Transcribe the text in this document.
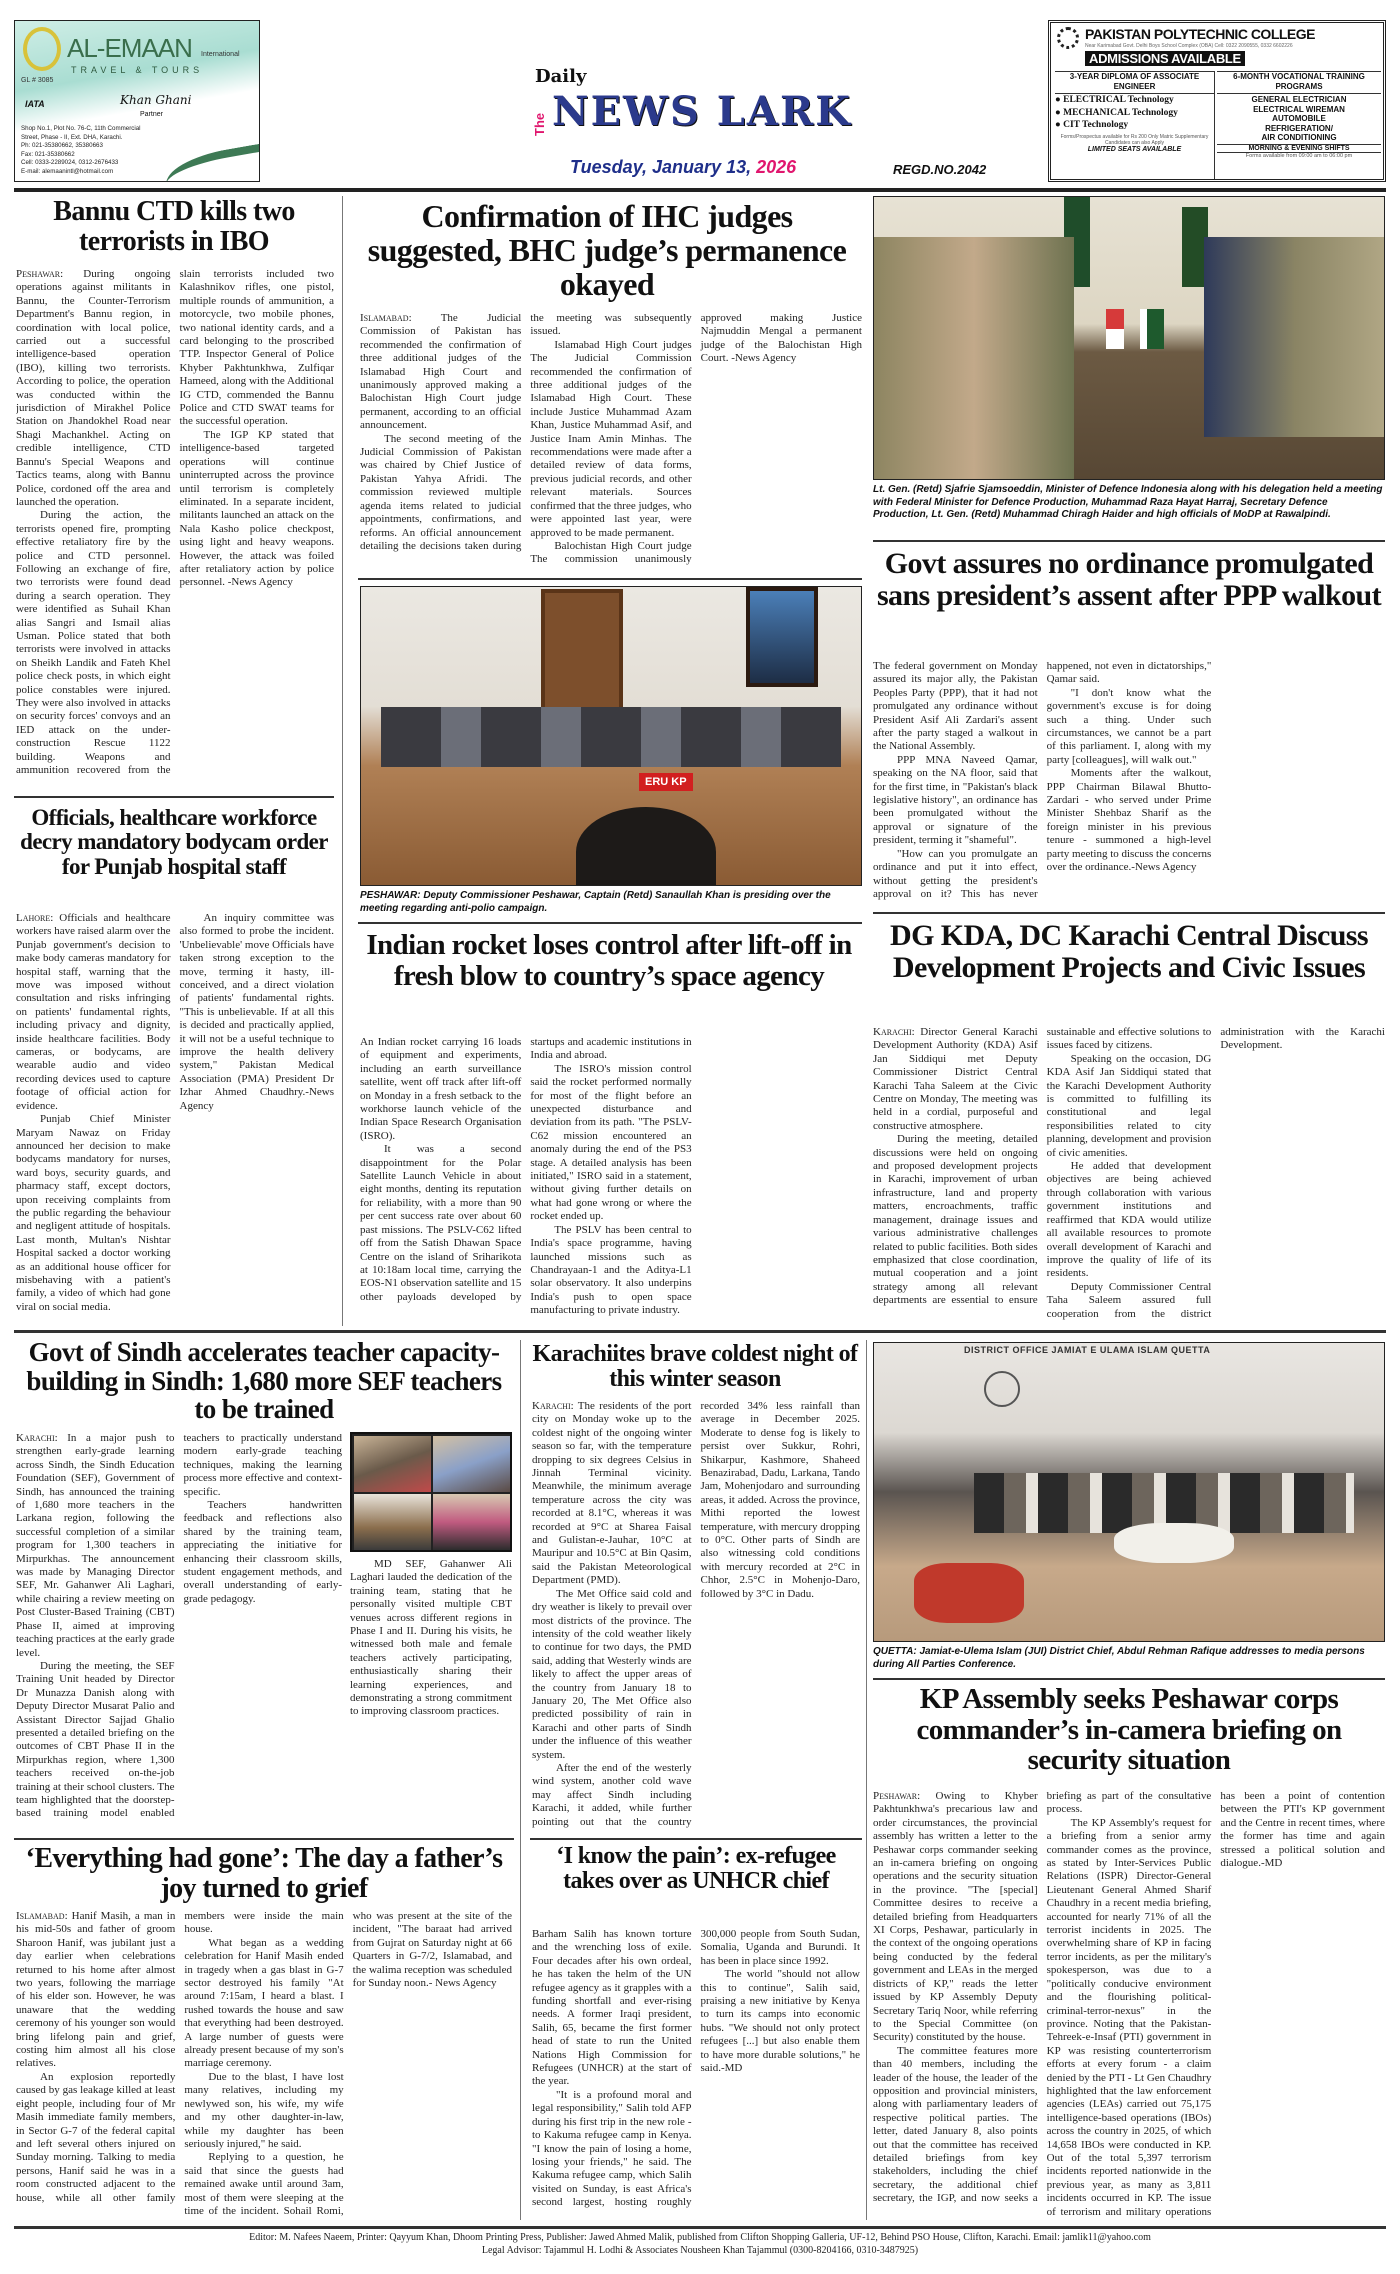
AL-EMAAN International
TRAVEL & TOURS
GL # 3085
IATA	Khan Ghani
Partner
Shop No.1, Plot No. 76-C, 11th Commercial
Street, Phase - II, Ext. DHA, Karachi.
Ph: 021-35380662, 35380663
Fax: 021-35380662
Cell: 0333-2289024, 0312-2676433
E-mail: alemaanintl@hotmail.com
Daily
The NEWS LARK
Tuesday, January 13, 2026	REGD.NO.2042
PAKISTAN POLYTECHNIC COLLEGE
Near Karimabad Govt. Delhi Boys School Complex (OBA) Cell: 0322 2090555, 0332 6602226
ADMISSIONS AVAILABLE
3-YEAR DIPLOMA OF ASSOCIATE ENGINEER
● ELECTRICAL Technology
● MECHANICAL Technology
● CIT Technology
Forms/Prospectus available for Rs 200 Only Matric Supplementary Candidates can also Apply
LIMITED SEATS AVAILABLE
6-MONTH VOCATIONAL TRAINING PROGRAMS
GENERAL ELECTRICIAN
ELECTRICAL WIREMAN
AUTOMOBILE
REFRIGERATION/
AIR CONDITIONING
MORNING & EVENING SHIFTS
Forms available from 09:00 am to 06:00 pm
Bannu CTD kills two terrorists in IBO

Peshawar: During ongoing operations against militants in Bannu, the Counter-Terrorism Department's Bannu region, in coordination with local police, carried out a successful intelligence-based operation (IBO), killing two terrorists. According to police, the operation was conducted within the jurisdiction of Mirakhel Police Station on Jhandokhel Road near Shagi Machankhel. Acting on credible intelligence, CTD Bannu's Special Weapons and Tactics teams, along with Bannu Police, cordoned off the area and launched the operation.

During the action, the terrorists opened fire, prompting effective retaliatory fire by the police and CTD personnel. Following an exchange of fire, two terrorists were found dead during a search operation. They were identified as Suhail Khan alias Sangri and Ismail alias Usman. Police stated that both terrorists were involved in attacks on Sheikh Landik and Fateh Khel police check posts, in which eight police constables were injured. They were also involved in attacks on security forces' convoys and an IED attack on the under-construction Rescue 1122 building. Weapons and ammunition recovered from the slain terrorists included two Kalashnikov rifles, one pistol, multiple rounds of ammunition, a motorcycle, two mobile phones, two national identity cards, and a card belonging to the proscribed TTP. Inspector General of Police Khyber Pakhtunkhwa, Zulfiqar Hameed, along with the Additional IG CTD, commended the Bannu Police and CTD SWAT teams for the successful operation.

The IGP KP stated that intelligence-based targeted operations will continue uninterrupted across the province until terrorism is completely eliminated. In a separate incident, militants launched an attack on the Nala Kasho police checkpost, using light and heavy weapons. However, the attack was foiled after retaliatory action by police personnel. -News Agency

Confirmation of IHC judges suggested, BHC judge’s permanence okayed

Islamabad: The Judicial Commission of Pakistan has recommended the confirmation of three additional judges of the Islamabad High Court and unanimously approved making a Balochistan High Court judge permanent, according to an official announcement.

The second meeting of the Judicial Commission of Pakistan was chaired by Chief Justice of Pakistan Yahya Afridi. The commission reviewed multiple agenda items related to judicial appointments, confirmations, and reforms. An official announcement detailing the decisions taken during the meeting was subsequently issued.

Islamabad High Court judges The Judicial Commission recommended the confirmation of three additional judges of the Islamabad High Court. These include Justice Muhammad Azam Khan, Justice Muhammad Asif, and Justice Inam Amin Minhas. The recommendations were made after a detailed review of data forms, previous judicial records, and other relevant materials. Sources confirmed that the three judges, who were appointed last year, were approved to be made permanent.

Balochistan High Court judge The commission unanimously approved making Justice Najmuddin Mengal a permanent judge of the Balochistan High Court. -News Agency

ERU KP
PESHAWAR: Deputy Commissioner Peshawar, Captain (Retd) Sanaullah Khan is presiding over the meeting regarding anti-polio campaign.
Lt. Gen. (Retd) Sjafrie Sjamsoeddin, Minister of Defence Indonesia along with his delegation held a meeting with Federal Minister for Defence Production, Muhammad Raza Hayat Harraj, Secretary Defence Production, Lt. Gen. (Retd) Muhammad Chiragh Haider and high officials of MoDP at Rawalpindi.
Govt assures no ordinance promulgated sans president’s assent after PPP walkout

The federal government on Monday assured its major ally, the Pakistan Peoples Party (PPP), that it had not promulgated any ordinance without President Asif Ali Zardari's assent after the party staged a walkout in the National Assembly.

PPP MNA Naveed Qamar, speaking on the NA floor, said that for the first time, in "Pakistan's black legislative history", an ordinance has been promulgated without the approval or signature of the president, terming it "shameful".

"How can you promulgate an ordinance and put it into effect, without getting the president's approval on it? This has never happened, not even in dictatorships," Qamar said.

"I don't know what the government's excuse is for doing such a thing. Under such circumstances, we cannot be a part of this parliament. I, along with my party [colleagues], will walk out."

Moments after the walkout, PPP Chairman Bilawal Bhutto-Zardari - who served under Prime Minister Shehbaz Sharif as the foreign minister in his previous tenure - summoned a high-level party meeting to discuss the concerns over the ordinance.-News Agency

Officials, healthcare workforce decry mandatory bodycam order for Punjab hospital staff

Lahore: Officials and healthcare workers have raised alarm over the Punjab government's decision to make body cameras mandatory for hospital staff, warning that the move was imposed without consultation and risks infringing on patients' fundamental rights, including privacy and dignity, inside healthcare facilities. Body cameras, or bodycams, are wearable audio and video recording devices used to capture footage of official action for evidence.

Punjab Chief Minister Maryam Nawaz on Friday announced her decision to make bodycams mandatory for nurses, ward boys, security guards, and pharmacy staff, except doctors, upon receiving complaints from the public regarding the behaviour and negligent attitude of hospitals. Last month, Multan's Nishtar Hospital sacked a doctor working as an additional house officer for misbehaving with a patient's family, a video of which had gone viral on social media.

An inquiry committee was also formed to probe the incident. 'Unbelievable' move Officials have taken strong exception to the move, terming it hasty, ill-conceived, and a direct violation of patients' fundamental rights. "This is unbelievable. If at all this is decided and practically applied, it will not be a useful technique to improve the health delivery system," Pakistan Medical Association (PMA) President Dr Izhar Ahmed Chaudhry.-News Agency

Indian rocket loses control after lift-off in fresh blow to country’s space agency

An Indian rocket carrying 16 loads of equipment and experiments, including an earth surveillance satellite, went off track after lift-off on Monday in a fresh setback to the workhorse launch vehicle of the Indian Space Research Organisation (ISRO).

It was a second disappointment for the Polar Satellite Launch Vehicle in about eight months, denting its reputation for reliability, with a more than 90 per cent success rate over about 60 past missions. The PSLV-C62 lifted off from the Satish Dhawan Space Centre on the island of Sriharikota at 10:18am local time, carrying the EOS-N1 observation satellite and 15 other payloads developed by startups and academic institutions in India and abroad.

The ISRO's mission control said the rocket performed normally for most of the flight before an unexpected disturbance and deviation from its path. "The PSLV-C62 mission encountered an anomaly during the end of the PS3 stage. A detailed analysis has been initiated," ISRO said in a statement, without giving further details on what had gone wrong or where the rocket ended up.

The PSLV has been central to India's space programme, having launched missions such as Chandrayaan-1 and the Aditya-L1 solar observatory. It also underpins India's push to open space manufacturing to private industry.

DG KDA, DC Karachi Central Discuss Development Projects and Civic Issues

Karachi: Director General Karachi Development Authority (KDA) Asif Jan Siddiqui met Deputy Commissioner District Central Karachi Taha Saleem at the Civic Centre on Monday, The meeting was held in a cordial, purposeful and constructive atmosphere.

During the meeting, detailed discussions were held on ongoing and proposed development projects in Karachi, improvement of urban infrastructure, land and property matters, encroachments, traffic management, drainage issues and various administrative challenges related to public facilities. Both sides emphasized that close coordination, mutual cooperation and a joint strategy among all relevant departments are essential to ensure sustainable and effective solutions to issues faced by citizens.

Speaking on the occasion, DG KDA Asif Jan Siddiqui stated that the Karachi Development Authority is committed to fulfilling its constitutional and legal responsibilities related to city planning, development and provision of civic amenities.

He added that development objectives are being achieved through collaboration with various government institutions and reaffirmed that KDA would utilize all available resources to promote overall development of Karachi and improve the quality of life of its residents.

Deputy Commissioner Central Taha Saleem assured full cooperation from the district administration with the Karachi Development.

Govt of Sindh accelerates teacher capacity-building in Sindh: 1,680 more SEF teachers to be trained

Karachi: In a major push to strengthen early-grade learning across Sindh, the Sindh Education Foundation (SEF), Government of Sindh, has announced the training of 1,680 more teachers in the Larkana region, following the successful completion of a similar program for 1,300 teachers in Mirpurkhas. The announcement was made by Managing Director SEF, Mr. Gahanwer Ali Laghari, while chairing a review meeting on Post Cluster-Based Training (CBT) Phase II, aimed at improving teaching practices at the early grade level.

During the meeting, the SEF Training Unit headed by Director Dr Munazza Danish along with Deputy Director Musarat Palio and Assistant Director Sajjad Ghalio presented a detailed briefing on the outcomes of CBT Phase II in the Mirpurkhas region, where 1,300 teachers received on-the-job training at their school clusters. The team highlighted that the doorstep-based training model enabled teachers to practically understand modern early-grade teaching techniques, making the learning process more effective and context-specific.

Teachers handwritten feedback and reflections also shared by the training team, appreciating the initiative for enhancing their classroom skills, student engagement methods, and overall understanding of early-grade pedagogy.

MD SEF, Gahanwer Ali Laghari lauded the dedication of the training team, stating that he personally visited multiple CBT venues across different regions in Phase I and II. During his visits, he witnessed both male and female teachers actively participating, enthusiastically sharing their learning experiences, and demonstrating a strong commitment to improving classroom practices.

‘Everything had gone’: The day a father’s joy turned to grief

Islamabad: Hanif Masih, a man in his mid-50s and father of groom Sharoon Hanif, was jubilant just a day earlier when celebrations returned to his home after almost two years, following the marriage of his elder son. However, he was unaware that the wedding ceremony of his younger son would bring lifelong pain and grief, costing him almost all his close relatives.

An explosion reportedly caused by gas leakage killed at least eight people, including four of Mr Masih immediate family members, in Sector G-7 of the federal capital and left several others injured on Sunday morning. Talking to media persons, Hanif said he was in a room constructed adjacent to the house, while all other family members were inside the main house.

What began as a wedding celebration for Hanif Masih ended in tragedy when a gas blast in G-7 sector destroyed his family "At around 7:15am, I heard a blast. I rushed towards the house and saw that everything had been destroyed. A large number of guests were already present because of my son's marriage ceremony.

Due to the blast, I have lost many relatives, including my newlywed son, his wife, my wife and my other daughter-in-law, while my daughter has been seriously injured," he said.

Replying to a question, he said that since the guests had remained awake until around 3am, most of them were sleeping at the time of the incident. Sohail Romi, who was present at the site of the incident, "The baraat had arrived from Gujrat on Saturday night at 66 Quarters in G-7/2, Islamabad, and the walima reception was scheduled for Sunday noon.- News Agency

Karachiites brave coldest night of this winter season

Karachi: The residents of the port city on Monday woke up to the coldest night of the ongoing winter season so far, with the temperature dropping to six degrees Celsius in Jinnah Terminal vicinity. Meanwhile, the minimum average temperature across the city was recorded at 8.1°C, whereas it was recorded at 9°C at Sharea Faisal and Gulistan-e-Jauhar, 10°C at Mauripur and 10.5°C at Bin Qasim, said the Pakistan Meteorological Department (PMD).

The Met Office said cold and dry weather is likely to prevail over most districts of the province. The intensity of the cold weather likely to continue for two days, the PMD said, adding that Westerly winds are likely to affect the upper areas of the country from January 18 to January 20, The Met Office also predicted possibility of rain in Karachi and other parts of Sindh under the influence of this weather system.

After the end of the westerly wind system, another cold wave may affect Sindh including Karachi, it added, while further pointing out that the country recorded 34% less rainfall than average in December 2025. Moderate to dense fog is likely to persist over Sukkur, Rohri, Shikarpur, Kashmore, Shaheed Benazirabad, Dadu, Larkana, Tando Jam, Mohenjodaro and surrounding areas, it added. Across the province, Mithi reported the lowest temperature, with mercury dropping to 0°C. Other parts of Sindh are also witnessing cold conditions with mercury recorded at 2°C in Chhor, 2.5°C in Mohenjo-Daro, followed by 3°C in Dadu.

‘I know the pain’: ex-refugee takes over as UNHCR chief

Barham Salih has known torture and the wrenching loss of exile. Four decades after his own ordeal, he has taken the helm of the UN refugee agency as it grapples with a funding shortfall and ever-rising needs. A former Iraqi president, Salih, 65, became the first former head of state to run the United Nations High Commission for Refugees (UNHCR) at the start of the year.

"It is a profound moral and legal responsibility," Salih told AFP during his first trip in the new role - to Kakuma refugee camp in Kenya. "I know the pain of losing a home, losing your friends," he said. The Kakuma refugee camp, which Salih visited on Sunday, is east Africa's second largest, hosting roughly 300,000 people from South Sudan, Somalia, Uganda and Burundi. It has been in place since 1992.

The world "should not allow this to continue", Salih said, praising a new initiative by Kenya to turn its camps into economic hubs. "We should not only protect refugees [...] but also enable them to have more durable solutions," he said.-MD

DISTRICT OFFICE JAMIAT E ULAMA ISLAM QUETTA
QUETTA: Jamiat-e-Ulema Islam (JUI) District Chief, Abdul Rehman Rafique addresses to media persons during All Parties Conference.
KP Assembly seeks Peshawar corps commander’s in-camera briefing on security situation

Peshawar: Owing to Khyber Pakhtunkhwa's precarious law and order circumstances, the provincial assembly has written a letter to the Peshawar corps commander seeking an in-camera briefing on ongoing operations and the security situation in the province. "The [special] Committee desires to receive a detailed briefing from Headquarters XI Corps, Peshawar, particularly in the context of the ongoing operations being conducted by the federal government and LEAs in the merged districts of KP," reads the letter issued by KP Assembly Deputy Secretary Tariq Noor, while referring to the Special Committee (on Security) constituted by the house.

The committee features more than 40 members, including the leader of the house, the leader of the opposition and provincial ministers, along with parliamentary leaders of respective political parties. The letter, dated January 8, also points out that the committee has received detailed briefings from key stakeholders, including the chief secretary, the additional chief secretary, the IGP, and now seeks a briefing as part of the consultative process.

The KP Assembly's request for a briefing from a senior army commander comes as the province, as stated by Inter-Services Public Relations (ISPR) Director-General Lieutenant General Ahmed Sharif Chaudhry in a recent media briefing, accounted for nearly 71% of all the terrorist incidents in 2025. The overwhelming share of KP in facing terror incidents, as per the military's spokesperson, was due to a "politically conducive environment and the flourishing political-criminal-terror-nexus" in the province. Noting that the Pakistan-Tehreek-e-Insaf (PTI) government in KP was resisting counterterrorism efforts at every forum - a claim denied by the PTI - Lt Gen Chaudhry highlighted that the law enforcement agencies (LEAs) carried out 75,175 intelligence-based operations (IBOs) across the country in 2025, of which 14,658 IBOs were conducted in KP. Out of the total 5,397 terrorism incidents reported nationwide in the previous year, as many as 3,811 incidents occurred in KP. The issue of terrorism and military operations has been a point of contention between the PTI's KP government and the Centre in recent times, where the former has time and again stressed a political solution and dialogue.-MD

Editor: M. Nafees Naeem, Printer: Qayyum Khan, Dhoom Printing Press, Publisher: Jawed Ahmed Malik, published from Clifton Shopping Galleria, UF-12, Behind PSO House, Clifton, Karachi. Email: jamlik11@yahoo.com
Legal Advisor: Tajammul H. Lodhi & Associates Nousheen Khan Tajammul (0300-8204166, 0310-3487925)
